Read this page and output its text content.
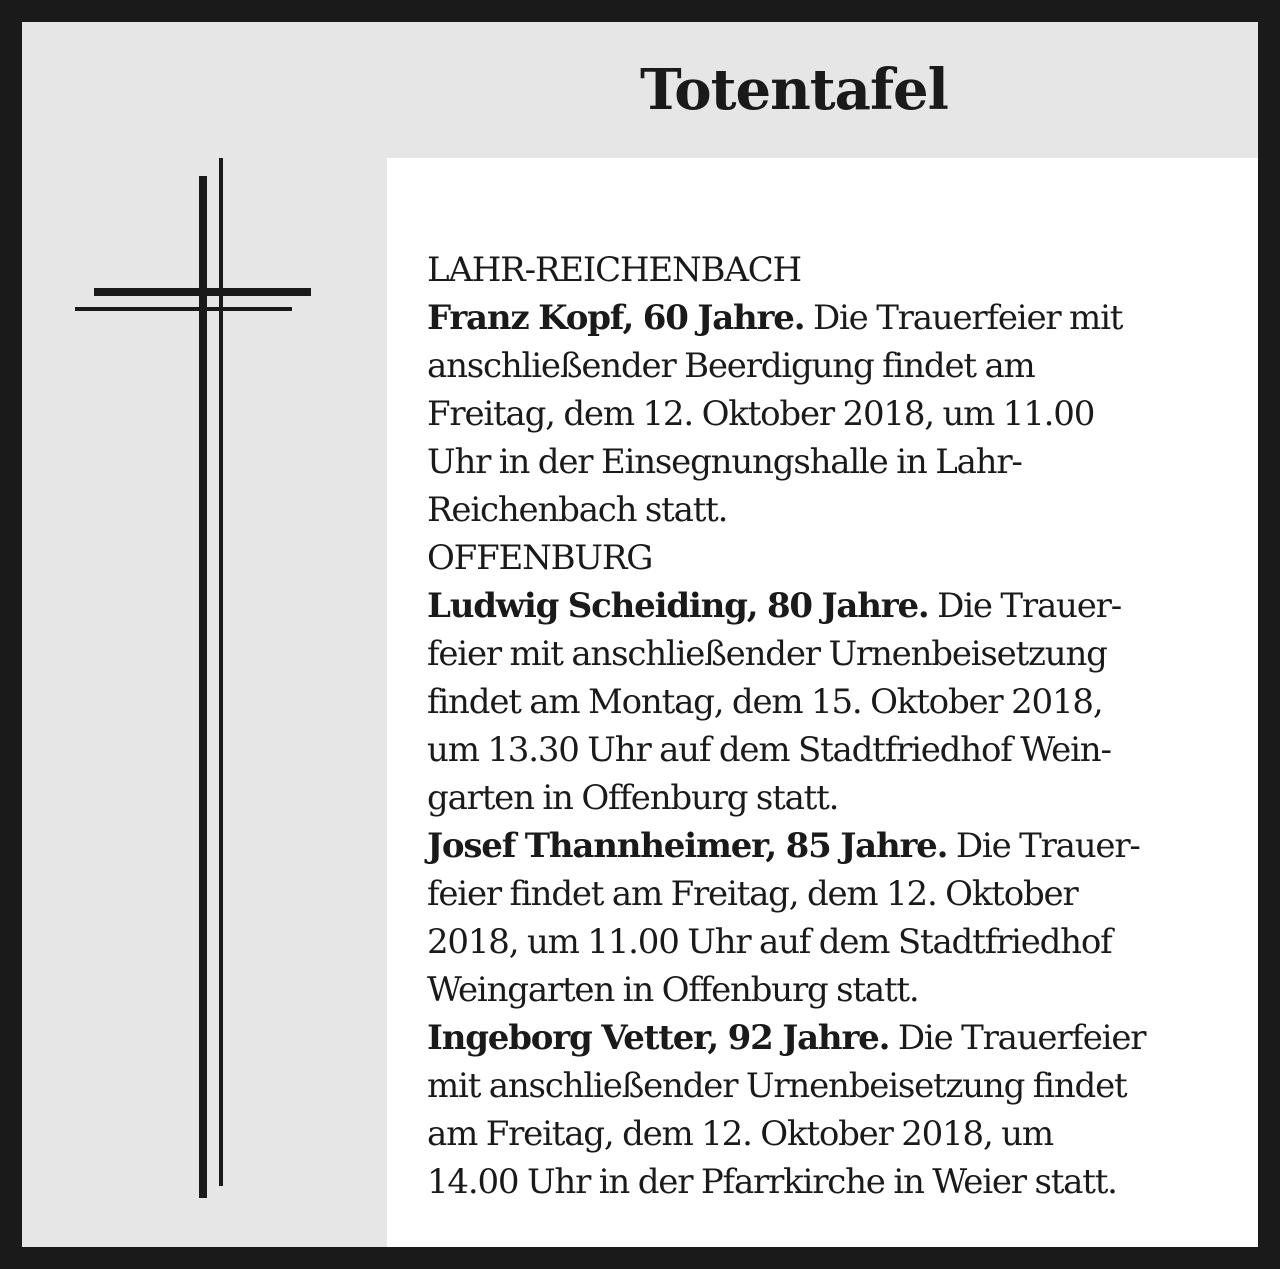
Totentafel
LAHR-REICHENBACH
Franz Kopf, 60 Jahre. Die Trauerfeier mit
anschließender Beerdigung findet am
Freitag, dem 12. Oktober 2018, um 11.00
Uhr in der Einsegnungshalle in Lahr-
Reichenbach statt.
OFFENBURG
Ludwig Scheiding, 80 Jahre. Die Trauer-
feier mit anschließender Urnenbeisetzung
findet am Montag, dem 15. Oktober 2018,
um 13.30 Uhr auf dem Stadtfriedhof Wein-
garten in Offenburg statt.
Josef Thannheimer, 85 Jahre. Die Trauer-
feier findet am Freitag, dem 12. Oktober
2018, um 11.00 Uhr auf dem Stadtfriedhof
Weingarten in Offenburg statt.
Ingeborg Vetter, 92 Jahre. Die Trauerfeier
mit anschließender Urnenbeisetzung findet
am Freitag, dem 12. Oktober 2018, um
14.00 Uhr in der Pfarrkirche in Weier statt.
